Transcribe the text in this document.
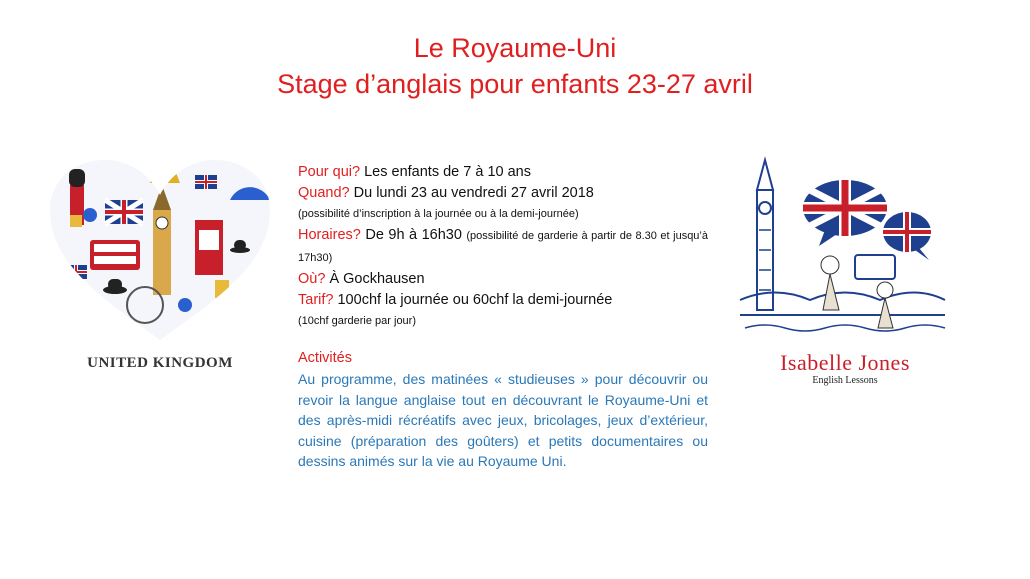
Le Royaume-Uni
Stage d’anglais pour enfants 23-27 avril
UNITED KINGDOM

Pour qui? Les enfants de 7 à 10 ans

Quand? Du lundi 23 au vendredi 27 avril 2018

(possibilité d’inscription à la journée ou à la demi-journée)

Horaires? De 9h à 16h30 (possibilité de garderie à partir de 8.30 et jusqu’à 17h30)

Où? À Gockhausen

Tarif? 100chf la journée ou 60chf la demi-journée

(10chf garderie par jour)

Activités

Au programme, des matinées « studieuses » pour découvrir ou revoir la langue anglaise tout en découvrant le Royaume-Uni et des après-midi récréatifs avec jeux, bricolages, jeux d’extérieur, cuisine (préparation des goûters) et petits documentaires ou dessins animés sur la vie au Royaume Uni.

Isabelle Jones
English Lessons
